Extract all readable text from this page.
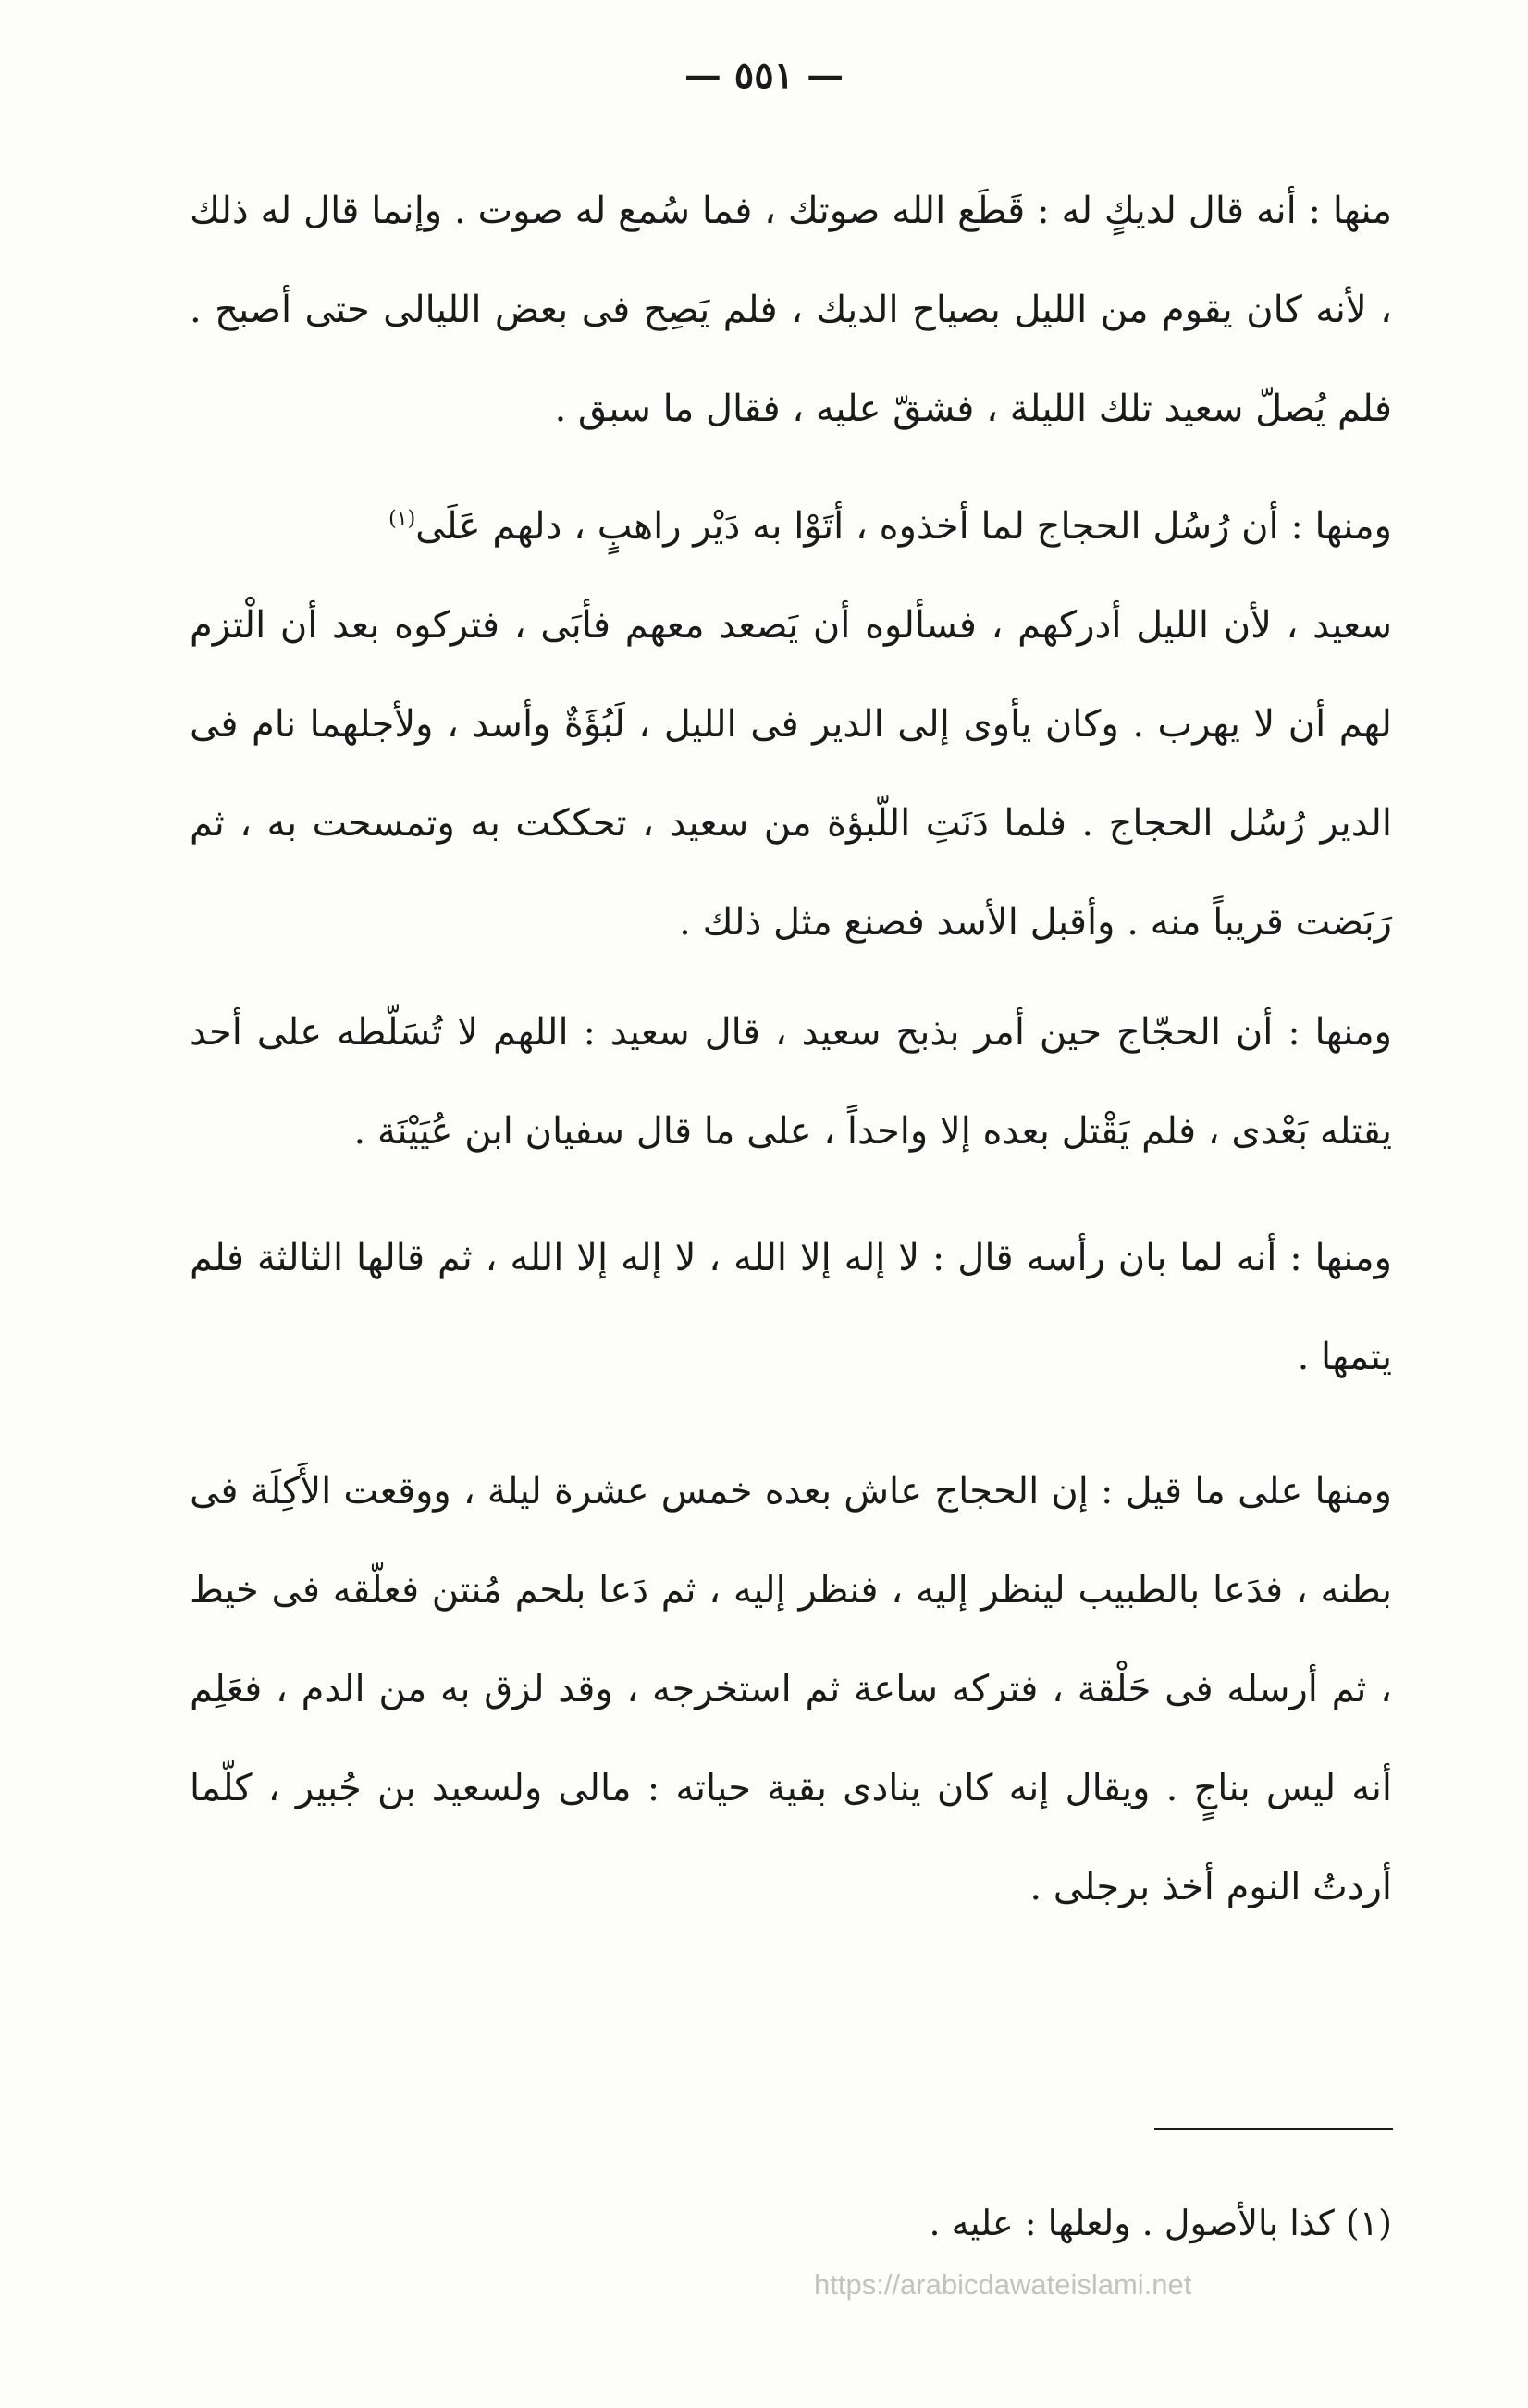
— ٥٥١ —

منها : أنه قال لديكٍ له : قَطَع الله صوتك ، فما سُمع له صوت . وإنما قال له ذلك ، لأنه كان يقوم من الليل بصياح الديك ، فلم يَصِح فى بعض الليالى حتى أصبح . فلم يُصلّ سعيد تلك الليلة ، فشقّ عليه ، فقال ما سبق .

ومنها : أن رُسُل الحجاج لما أخذوه ، أتَوْا به دَيْر راهبٍ ، دلهم عَلَى$^{(١)}$

سعيد ، لأن الليل أدركهم ، فسألوه أن يَصعد معهم فأبَى ، فتركوه بعد أن الْتزم لهم أن لا يهرب . وكان يأوى إلى الدير فى الليل ، لَبُؤَةٌ وأسد ، ولأجلهما نام فى الدير رُسُل الحجاج . فلما دَنَتِ اللّبؤة من سعيد ، تحككت به وتمسحت به ، ثم رَبَضت قريباً منه . وأقبل الأسد فصنع مثل ذلك .

ومنها : أن الحجّاج حين أمر بذبح سعيد ، قال سعيد : اللهم لا تُسَلّطه على أحد يقتله بَعْدى ، فلم يَقْتل بعده إلا واحداً ، على ما قال سفيان ابن عُيَيْنَة .

ومنها : أنه لما بان رأسه قال : لا إله إلا الله ، لا إله إلا الله ، ثم قالها الثالثة فلم يتمها .

ومنها على ما قيل : إن الحجاج عاش بعده خمس عشرة ليلة ، ووقعت الأَكِلَة فى بطنه ، فدَعا بالطبيب لينظر إليه ، فنظر إليه ، ثم دَعا بلحم مُنتن فعلّقه فى خيط ، ثم أرسله فى حَلْقة ، فتركه ساعة ثم استخرجه ، وقد لزق به من الدم ، فعَلِم أنه ليس بناجٍ . ويقال إنه كان ينادى بقية حياته : مالى ولسعيد بن جُبير ، كلّما أردتُ النوم أخذ برجلى .

(١) كذا بالأصول . ولعلها : عليه .
https://arabicdawateislami.net
